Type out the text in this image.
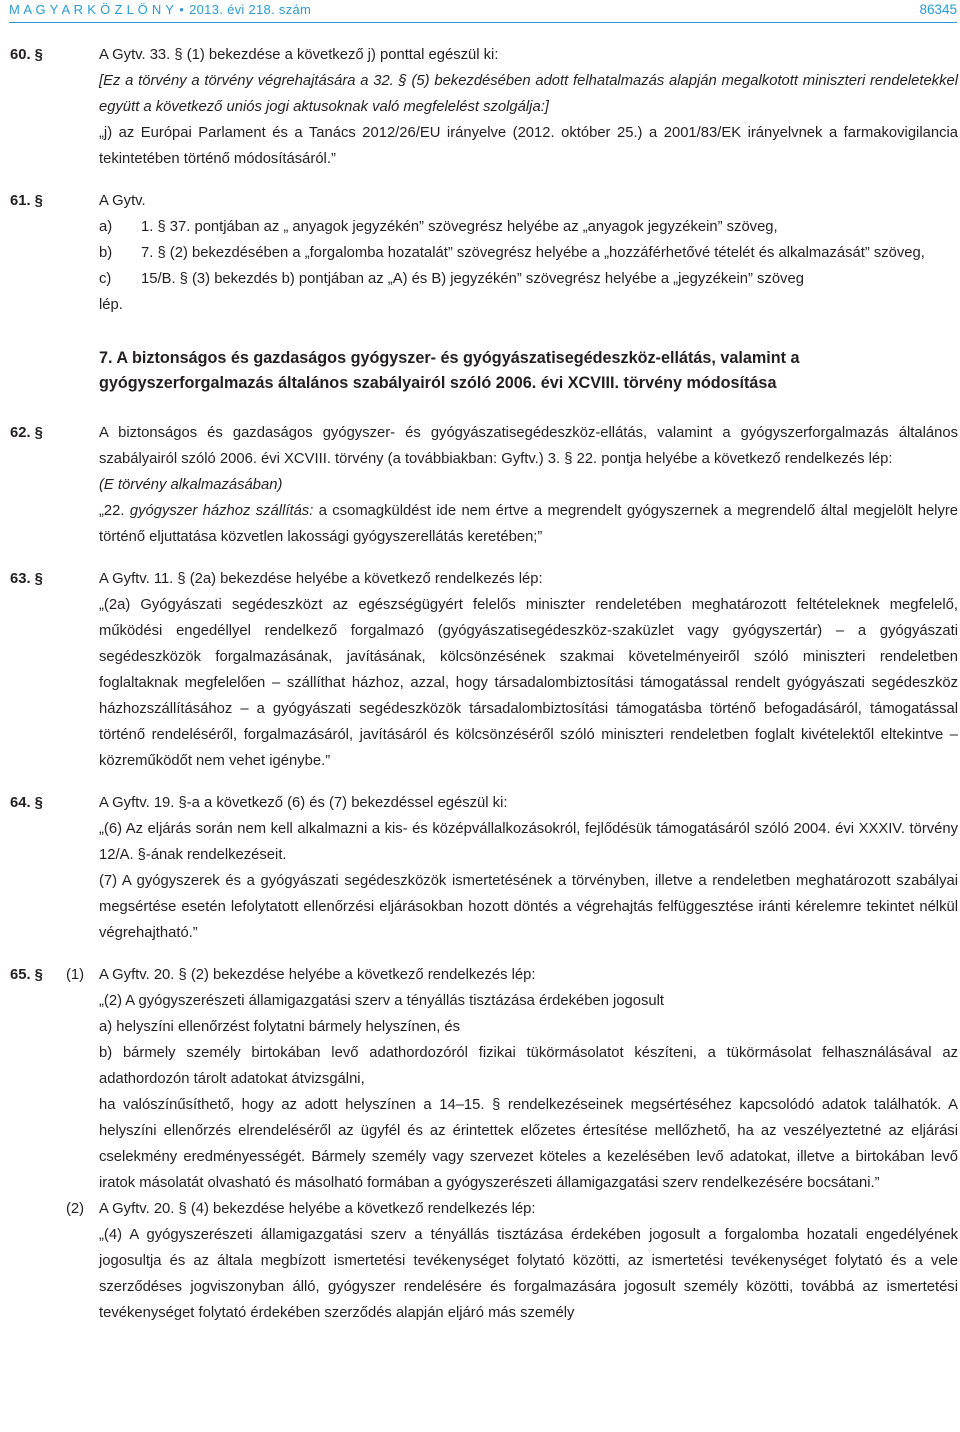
M A G Y A R K Ö Z L Ö N Y • 2013. évi 218. szám	86345
60. §	A Gytv. 33. § (1) bekezdése a következő j) ponttal egészül ki:

[Ez a törvény a törvény végrehajtására a 32. § (5) bekezdésében adott felhatalmazás alapján megalkotott miniszteri rendeletekkel együtt a következő uniós jogi aktusoknak való megfelelést szolgálja:]

„j) az Európai Parlament és a Tanács 2012/26/EU irányelve (2012. október 25.) a 2001/83/EK irányelvnek a farmakovigilancia tekintetében történő módosításáról.”

61. §	A Gytv.

a) 1. § 37. pontjában az „ anyagok jegyzékén” szövegrész helyébe az „anyagok jegyzékein” szöveg,

b) 7. § (2) bekezdésében a „forgalomba hozatalát” szövegrész helyébe a „hozzáférhetővé tételét és alkalmazását” szöveg,

c) 15/B. § (3) bekezdés b) pontjában az „A) és B) jegyzékén” szövegrész helyébe a „jegyzékein” szöveg

lép.

7. A biztonságos és gazdaságos gyógyszer- és gyógyászatisegédeszköz-ellátás, valamint a gyógyszerforgalmazás általános szabályairól szóló 2006. évi XCVIII. törvény módosítása
62. §	A biztonságos és gazdaságos gyógyszer- és gyógyászatisegédeszköz-ellátás, valamint a gyógyszerforgalmazás általános szabályairól szóló 2006. évi XCVIII. törvény (a továbbiakban: Gyftv.) 3. § 22. pontja helyébe a következő rendelkezés lép:

(E törvény alkalmazásában)

„22. gyógyszer házhoz szállítás: a csomagküldést ide nem értve a megrendelt gyógyszernek a megrendelő által megjelölt helyre történő eljuttatása közvetlen lakossági gyógyszerellátás keretében;”

63. §	A Gyftv. 11. § (2a) bekezdése helyébe a következő rendelkezés lép:

„(2a) Gyógyászati segédeszközt az egészségügyért felelős miniszter rendeletében meghatározott feltételeknek megfelelő, működési engedéllyel rendelkező forgalmazó (gyógyászatisegédeszköz-szaküzlet vagy gyógyszertár) – a gyógyászati segédeszközök forgalmazásának, javításának, kölcsönzésének szakmai követelményeiről szóló miniszteri rendeletben foglaltaknak megfelelően – szállíthat házhoz, azzal, hogy társadalombiztosítási támogatással rendelt gyógyászati segédeszköz házhozszállításához – a gyógyászati segédeszközök társadalombiztosítási támogatásba történő befogadásáról, támogatással történő rendeléséről, forgalmazásáról, javításáról és kölcsönzéséről szóló miniszteri rendeletben foglalt kivételektől eltekintve – közreműködőt nem vehet igénybe.”

64. §	A Gyftv. 19. §-a a következő (6) és (7) bekezdéssel egészül ki:

„(6) Az eljárás során nem kell alkalmazni a kis- és középvállalkozásokról, fejlődésük támogatásáról szóló 2004. évi XXXIV. törvény 12/A. §-ának rendelkezéseit.

(7) A gyógyszerek és a gyógyászati segédeszközök ismertetésének a törvényben, illetve a rendeletben meghatározott szabályai megsértése esetén lefolytatott ellenőrzési eljárásokban hozott döntés a végrehajtás felfüggesztése iránti kérelemre tekintet nélkül végrehajtható.”

65. § (1) A Gyftv. 20. § (2) bekezdése helyébe a következő rendelkezés lép:

„(2) A gyógyszerészeti államigazgatási szerv a tényállás tisztázása érdekében jogosult

a) helyszíni ellenőrzést folytatni bármely helyszínen, és

b) bármely személy birtokában levő adathordozóról fizikai tükörmásolatot készíteni, a tükörmásolat felhasználásával az adathordozón tárolt adatokat átvizsgálni,

ha valószínűsíthető, hogy az adott helyszínen a 14–15. § rendelkezéseinek megsértéséhez kapcsolódó adatok találhatók. A helyszíni ellenőrzés elrendeléséről az ügyfél és az érintettek előzetes értesítése mellőzhető, ha az veszélyeztetné az eljárási cselekmény eredményességét. Bármely személy vagy szervezet köteles a kezelésében levő adatokat, illetve a birtokában levő iratok másolatát olvasható és másolható formában a gyógyszerészeti államigazgatási szerv rendelkezésére bocsátani.”

(2) A Gyftv. 20. § (4) bekezdése helyébe a következő rendelkezés lép:

„(4) A gyógyszerészeti államigazgatási szerv a tényállás tisztázása érdekében jogosult a forgalomba hozatali engedélyének jogosultja és az általa megbízott ismertetési tevékenységet folytató közötti, az ismertetési tevékenységet folytató és a vele szerződéses jogviszonyban álló, gyógyszer rendelésére és forgalmazására jogosult személy közötti, továbbá az ismertetési tevékenységet folytató érdekében szerződés alapján eljáró más személy
